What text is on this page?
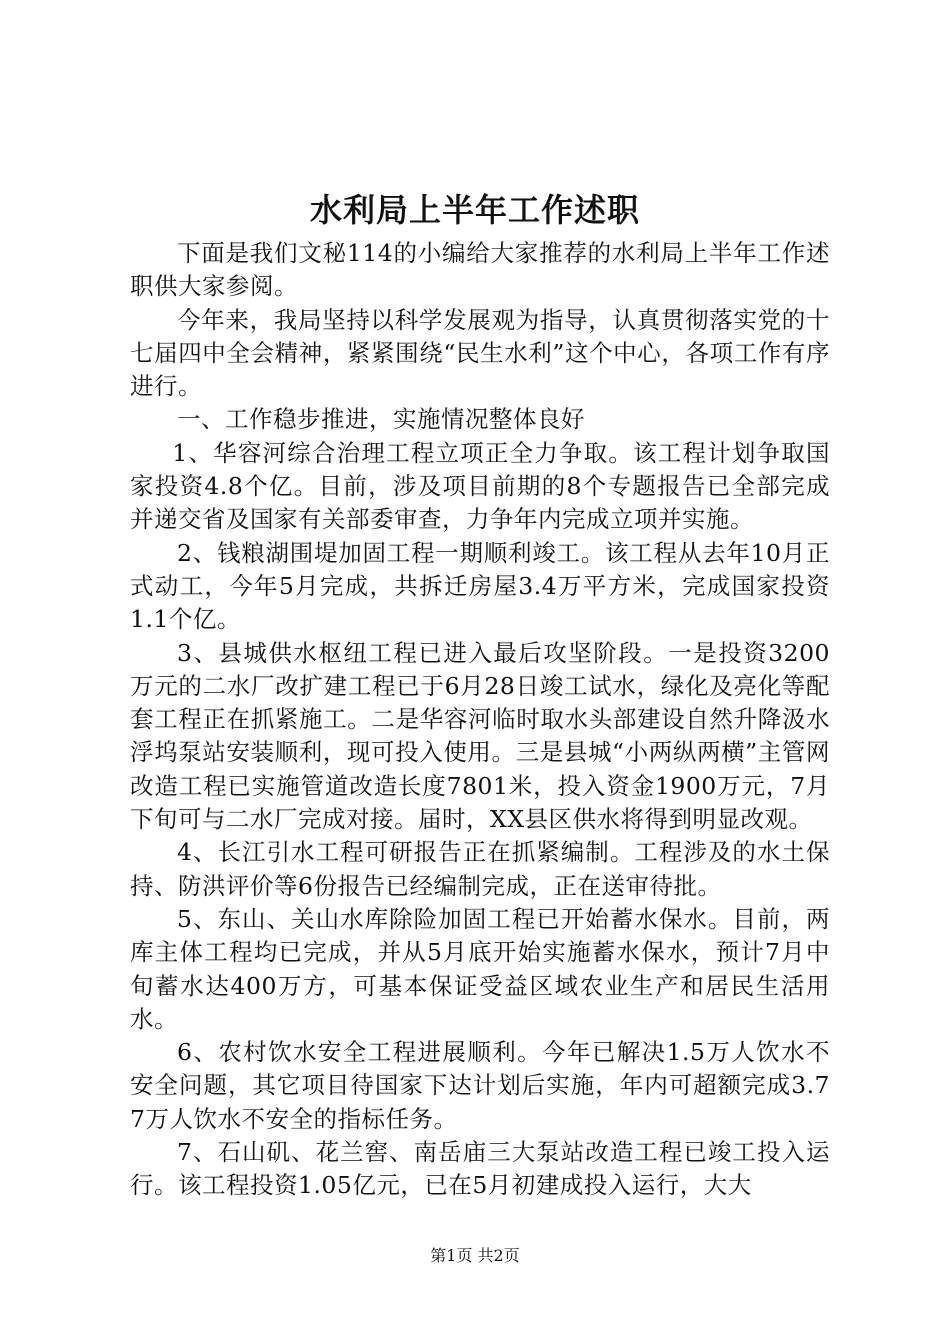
水利局上半年工作述职

下面是我们文秘114的小编给大家推荐的水利局上半年工作述职供大家参阅。

今年来，我局坚持以科学发展观为指导，认真贯彻落实党的十七届四中全会精神，紧紧围绕“民生水利”这个中心，各项工作有序进行。

一、工作稳步推进，实施情况整体良好

1、华容河综合治理工程立项正全力争取。该工程计划争取国家投资4.8个亿。目前，涉及项目前期的8个专题报告已全部完成并递交省及国家有关部委审查，力争年内完成立项并实施。

2、钱粮湖围堤加固工程一期顺利竣工。该工程从去年10月正式动工，今年5月完成，共拆迁房屋3.4万平方米，完成国家投资1.1个亿。

3、县城供水枢纽工程已进入最后攻坚阶段。一是投资3200万元的二水厂改扩建工程已于6月28日竣工试水，绿化及亮化等配套工程正在抓紧施工。二是华容河临时取水头部建设自然升降汲水浮坞泵站安装顺利，现可投入使用。三是县城“小两纵两横”主管网改造工程已实施管道改造长度7801米，投入资金1900万元，7月下旬可与二水厂完成对接。届时，XX县区供水将得到明显改观。

4、长江引水工程可研报告正在抓紧编制。工程涉及的水土保持、防洪评价等6份报告已经编制完成，正在送审待批。

5、东山、关山水库除险加固工程已开始蓄水保水。目前，两库主体工程均已完成，并从5月底开始实施蓄水保水，预计7月中旬蓄水达400万方，可基本保证受益区域农业生产和居民生活用水。

6、农村饮水安全工程进展顺利。今年已解决1.5万人饮水不安全问题，其它项目待国家下达计划后实施，年内可超额完成3.77万人饮水不安全的指标任务。

7、石山矶、花兰窖、南岳庙三大泵站改造工程已竣工投入运行。该工程投资1.05亿元，已在5月初建成投入运行，大大

第1页 共2页
